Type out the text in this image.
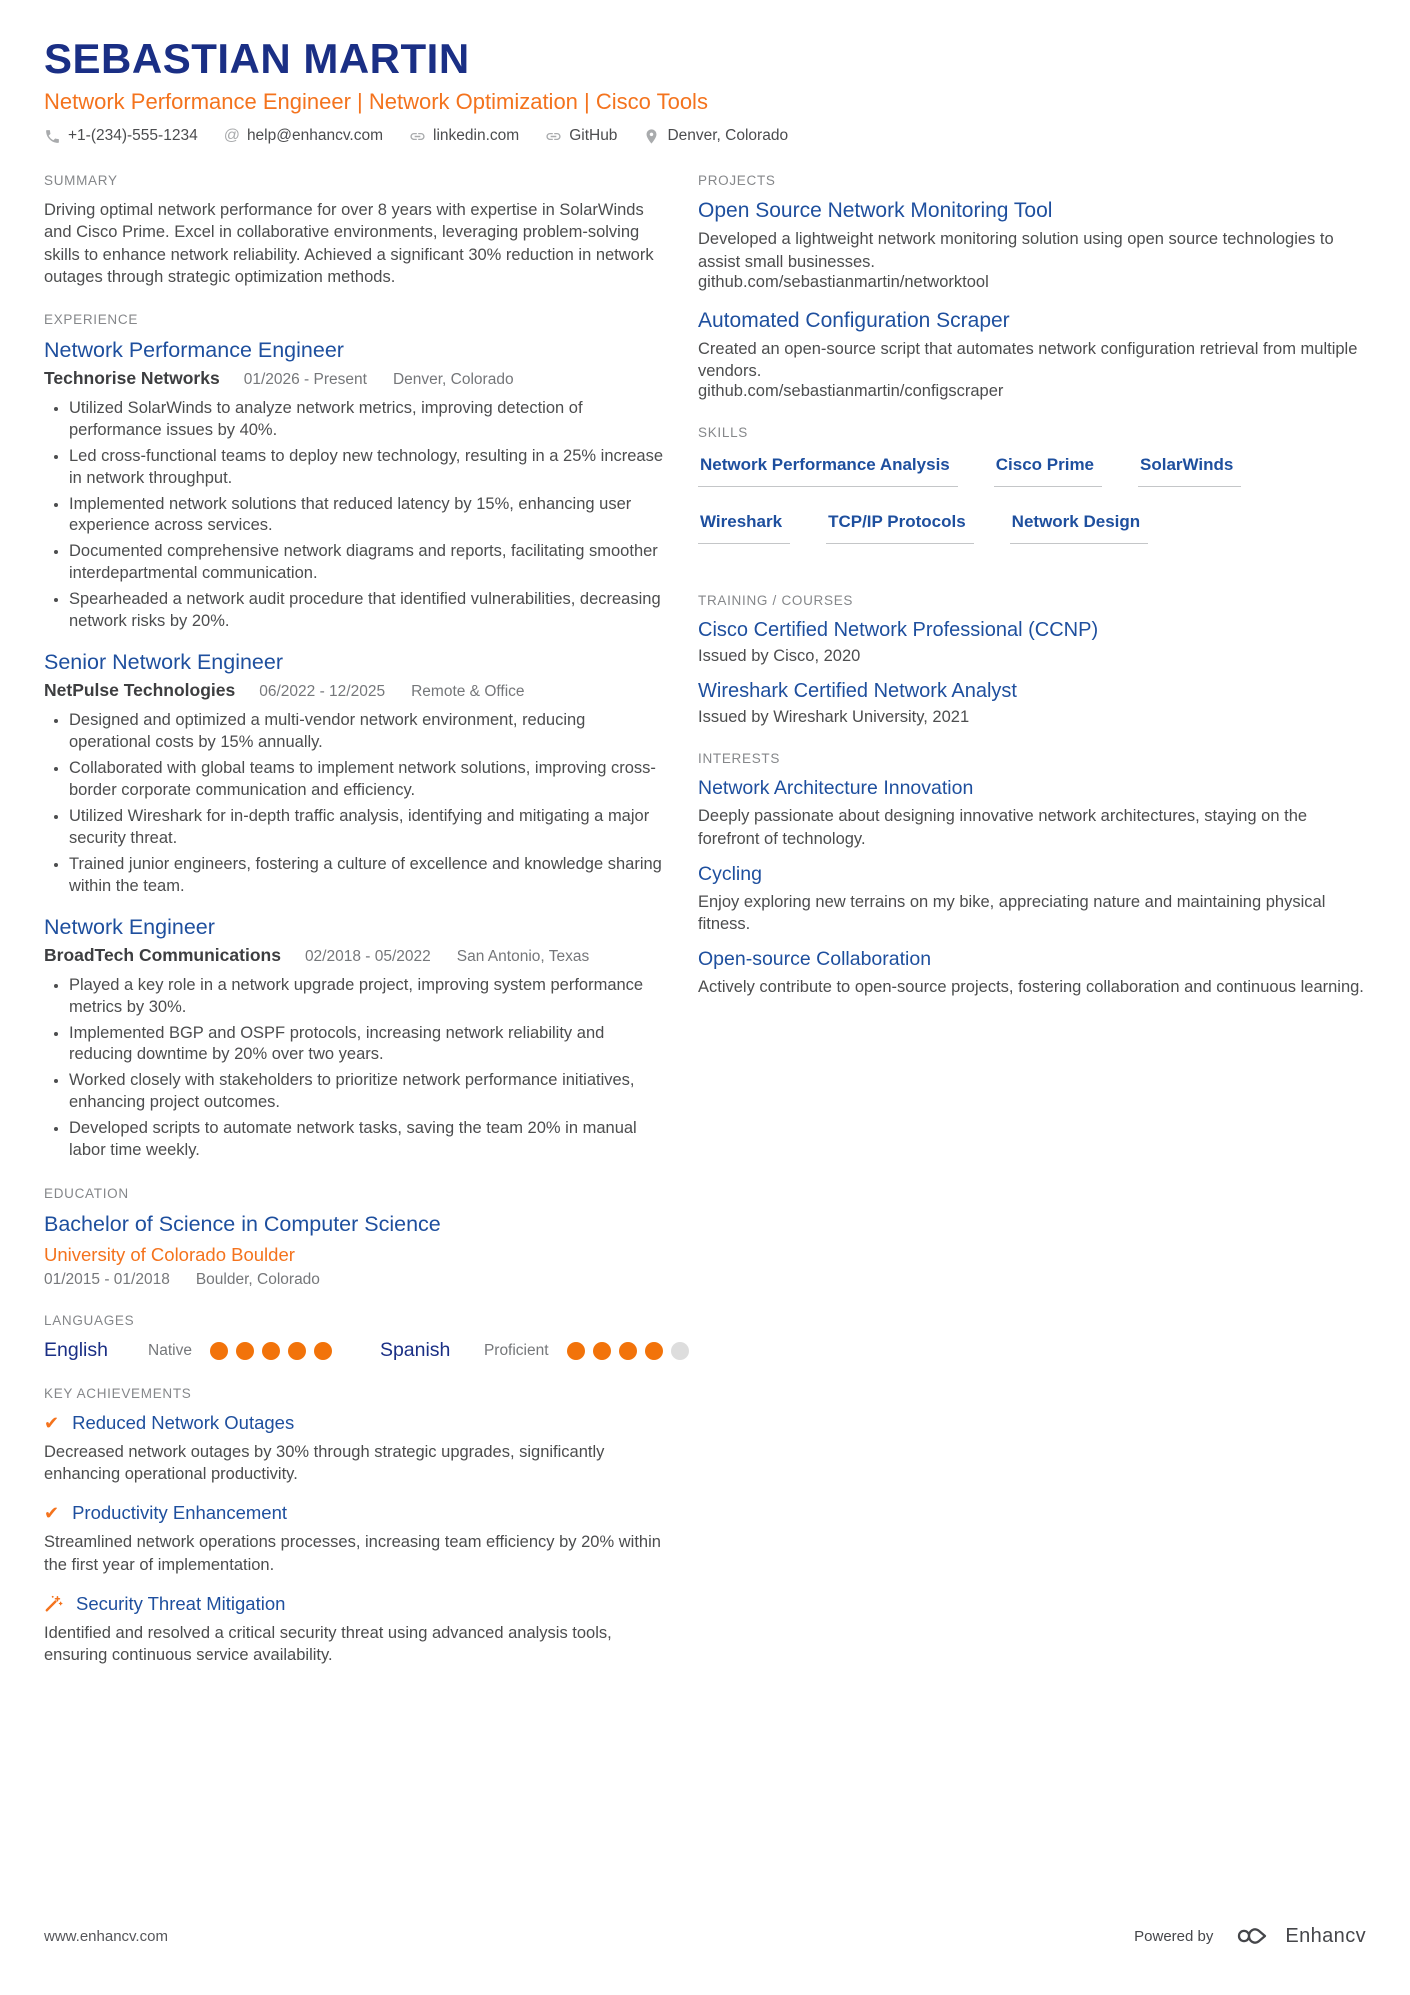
SEBASTIAN MARTIN
Network Performance Engineer | Network Optimization | Cisco Tools
+1-(234)-555-1234 @ help@enhancv.com	linkedin.com	GitHub	Denver, Colorado
SUMMARY
Driving optimal network performance for over 8 years with expertise in SolarWinds and Cisco Prime. Excel in collaborative environments, leveraging problem-solving skills to enhance network reliability. Achieved a significant 30% reduction in network outages through strategic optimization methods.
EXPERIENCE
Network Performance Engineer
Technorise Networks 01/2026 - Present Denver, Colorado
• Utilized SolarWinds to analyze network metrics, improving detection of performance issues by 40%.
• Led cross-functional teams to deploy new technology, resulting in a 25% increase in network throughput.
• Implemented network solutions that reduced latency by 15%, enhancing user experience across services.
• Documented comprehensive network diagrams and reports, facilitating smoother interdepartmental communication.
• Spearheaded a network audit procedure that identified vulnerabilities, decreasing network risks by 20%.
Senior Network Engineer
NetPulse Technologies 06/2022 - 12/2025 Remote & Office
• Designed and optimized a multi-vendor network environment, reducing operational costs by 15% annually.
• Collaborated with global teams to implement network solutions, improving cross-border corporate communication and efficiency.
• Utilized Wireshark for in-depth traffic analysis, identifying and mitigating a major security threat.
• Trained junior engineers, fostering a culture of excellence and knowledge sharing within the team.
Network Engineer
BroadTech Communications 02/2018 - 05/2022 San Antonio, Texas
• Played a key role in a network upgrade project, improving system performance metrics by 30%.
• Implemented BGP and OSPF protocols, increasing network reliability and reducing downtime by 20% over two years.
• Worked closely with stakeholders to prioritize network performance initiatives, enhancing project outcomes.
• Developed scripts to automate network tasks, saving the team 20% in manual labor time weekly.
EDUCATION
Bachelor of Science in Computer Science
University of Colorado Boulder
01/2015 - 01/2018 Boulder, Colorado
LANGUAGES
English	Native	Spanish	Proficient
KEY ACHIEVEMENTS
✔ Reduced Network Outages
Decreased network outages by 30% through strategic upgrades, significantly enhancing operational productivity.
✔ Productivity Enhancement
Streamlined network operations processes, increasing team efficiency by 20% within the first year of implementation.
Security Threat Mitigation
Identified and resolved a critical security threat using advanced analysis tools, ensuring continuous service availability.
PROJECTS
Open Source Network Monitoring Tool
Developed a lightweight network monitoring solution using open source technologies to assist small businesses.
github.com/sebastianmartin/networktool
Automated Configuration Scraper
Created an open-source script that automates network configuration retrieval from multiple vendors.
github.com/sebastianmartin/configscraper
SKILLS
Network Performance Analysis	Cisco Prime	SolarWinds
Wireshark	TCP/IP Protocols	Network Design
TRAINING / COURSES
Cisco Certified Network Professional (CCNP)
Issued by Cisco, 2020
Wireshark Certified Network Analyst
Issued by Wireshark University, 2021
INTERESTS
Network Architecture Innovation
Deeply passionate about designing innovative network architectures, staying on the forefront of technology.
Cycling
Enjoy exploring new terrains on my bike, appreciating nature and maintaining physical fitness.
Open-source Collaboration
Actively contribute to open-source projects, fostering collaboration and continuous learning.
www.enhancv.com	Powered by	Enhancv
